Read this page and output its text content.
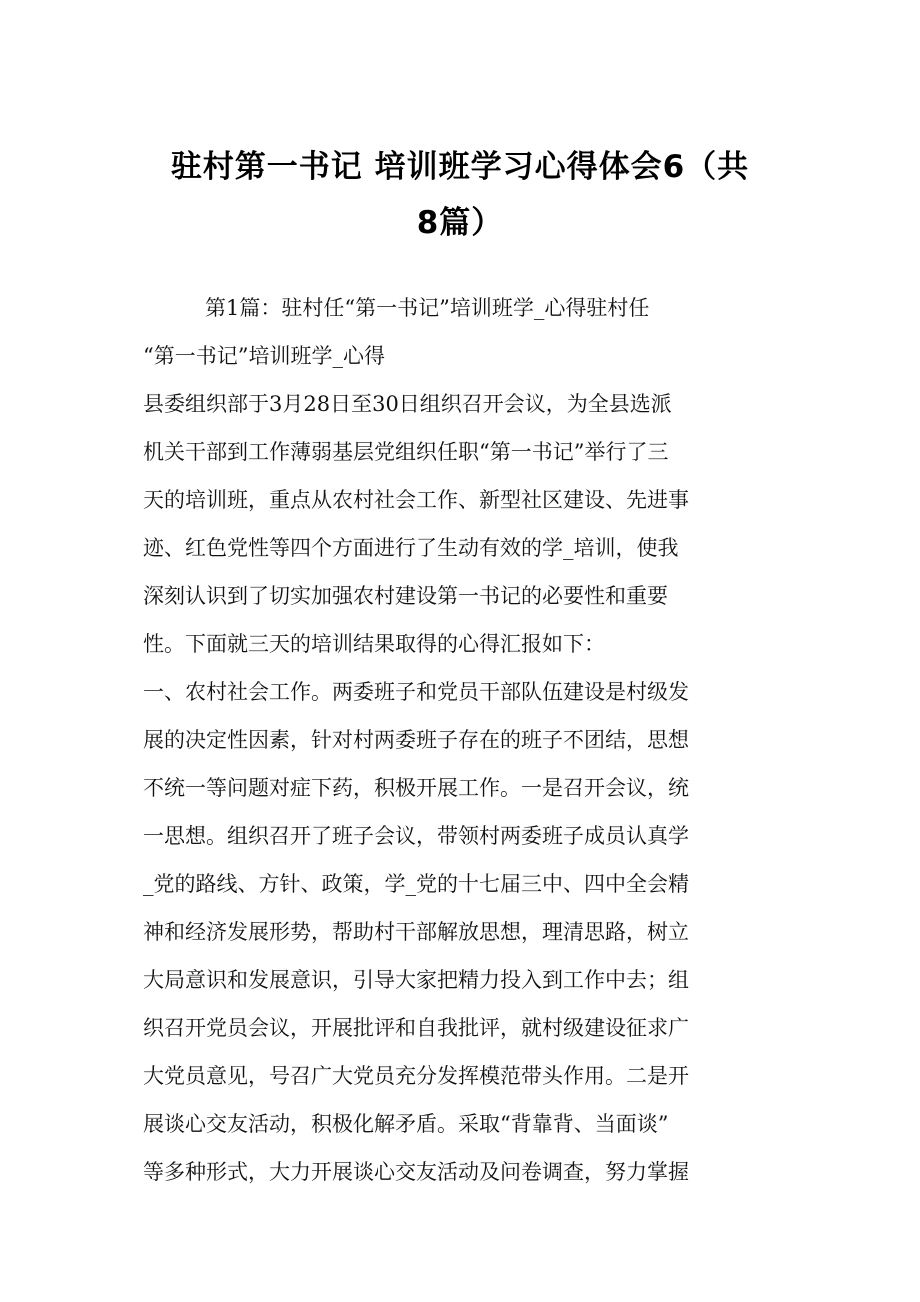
驻村第一书记 培训班学习心得体会6（共
8篇）
第1篇：驻村任“第一书记”培训班学_心得驻村任
“第一书记”培训班学_心得
县委组织部于3月28日至30日组织召开会议，为全县选派
机关干部到工作薄弱基层党组织任职“第一书记”举行了三
天的培训班，重点从农村社会工作、新型社区建设、先进事
迹、红色党性等四个方面进行了生动有效的学_培训，使我
深刻认识到了切实加强农村建设第一书记的必要性和重要
性。下面就三天的培训结果取得的心得汇报如下：
一、农村社会工作。两委班子和党员干部队伍建设是村级发
展的决定性因素，针对村两委班子存在的班子不团结，思想
不统一等问题对症下药，积极开展工作。一是召开会议，统
一思想。组织召开了班子会议，带领村两委班子成员认真学
_党的路线、方针、政策，学_党的十七届三中、四中全会精
神和经济发展形势，帮助村干部解放思想，理清思路，树立
大局意识和发展意识，引导大家把精力投入到工作中去；组
织召开党员会议，开展批评和自我批评，就村级建设征求广
大党员意见，号召广大党员充分发挥模范带头作用。二是开
展谈心交友活动，积极化解矛盾。采取“背靠背、当面谈”
等多种形式，大力开展谈心交友活动及问卷调查，努力掌握
